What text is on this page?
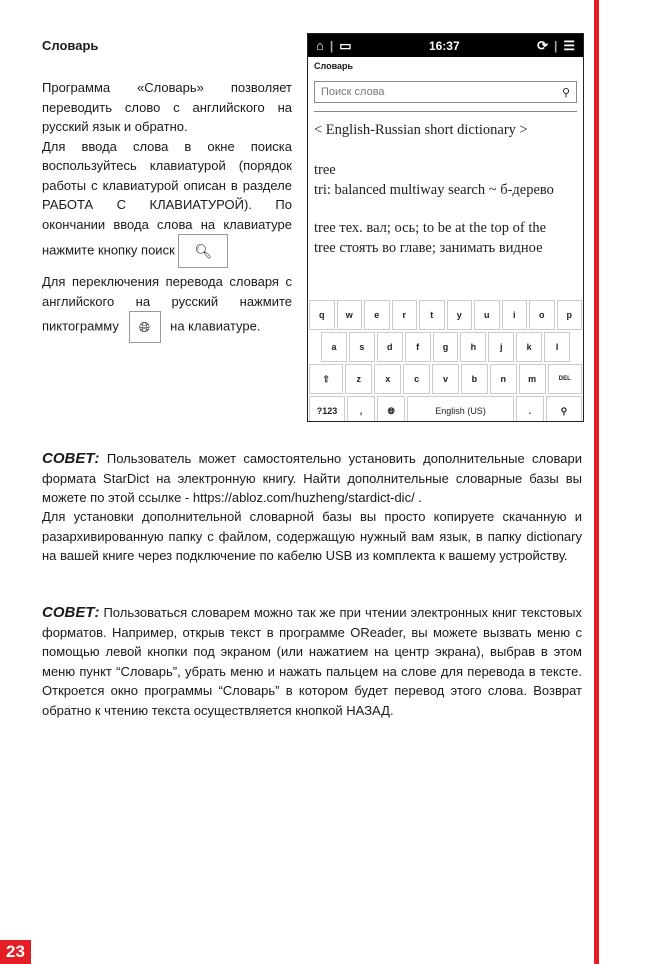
23
Словарь

Программа «Словарь» позволяет переводить слово с английского на русский язык и обратно.

Для ввода слова в окне поиска воспользуйтесь клавиатурой (порядок работы с клавиатурой описан в разделе РАБОТА С КЛАВИАТУРОЙ). По окончании ввода слова на клавиатуре нажмите кнопку поиск 🔍︎

Для переключения перевода словаря с английского на русский нажмите пиктограмму 🌐︎ на клавиатуре.

⌂ | ▭	16:37	⟳ | ☰
Словарь
Поиск слова	⚲
< English-Russian short dictionary >
tree
tri: balanced multiway search ~ б-дерево
tree тех. вал; ось; to be at the top of the
tree стоять во главе; занимать видное
q	w	e	r	t	y	u	i	o	p
a	s	d	f	g	h	j	k	l
⇧	z	x	c	v	b	n	m	DEL
?123	,	🌐︎	English (US)	.	⚲
СОВЕТ: Пользователь может самостоятельно установить дополнительные словари формата StarDict на электронную книгу. Найти дополнительные словарные базы вы можете по этой ссылке - https://abloz.com/huzheng/stardict-dic/ .
Для установки дополнительной словарной базы вы просто копируете скачанную и разархивированную папку с файлом, содержащую нужный вам язык, в папку dictionary на вашей книге через подключение по кабелю USB из комплекта к вашему устройству.
СОВЕТ: Пользоваться словарем можно так же при чтении электронных книг текстовых форматов. Например, открыв текст в программе OReader, вы можете вызвать меню с помощью левой кнопки под экраном (или нажатием на центр экрана), выбрав в этом меню пункт “Словарь”, убрать меню и нажать пальцем на слове для перевода в тексте. Откроется окно программы “Словарь” в котором будет перевод этого слова. Возврат обратно к чтению текста осуществляется кнопкой НАЗАД.
